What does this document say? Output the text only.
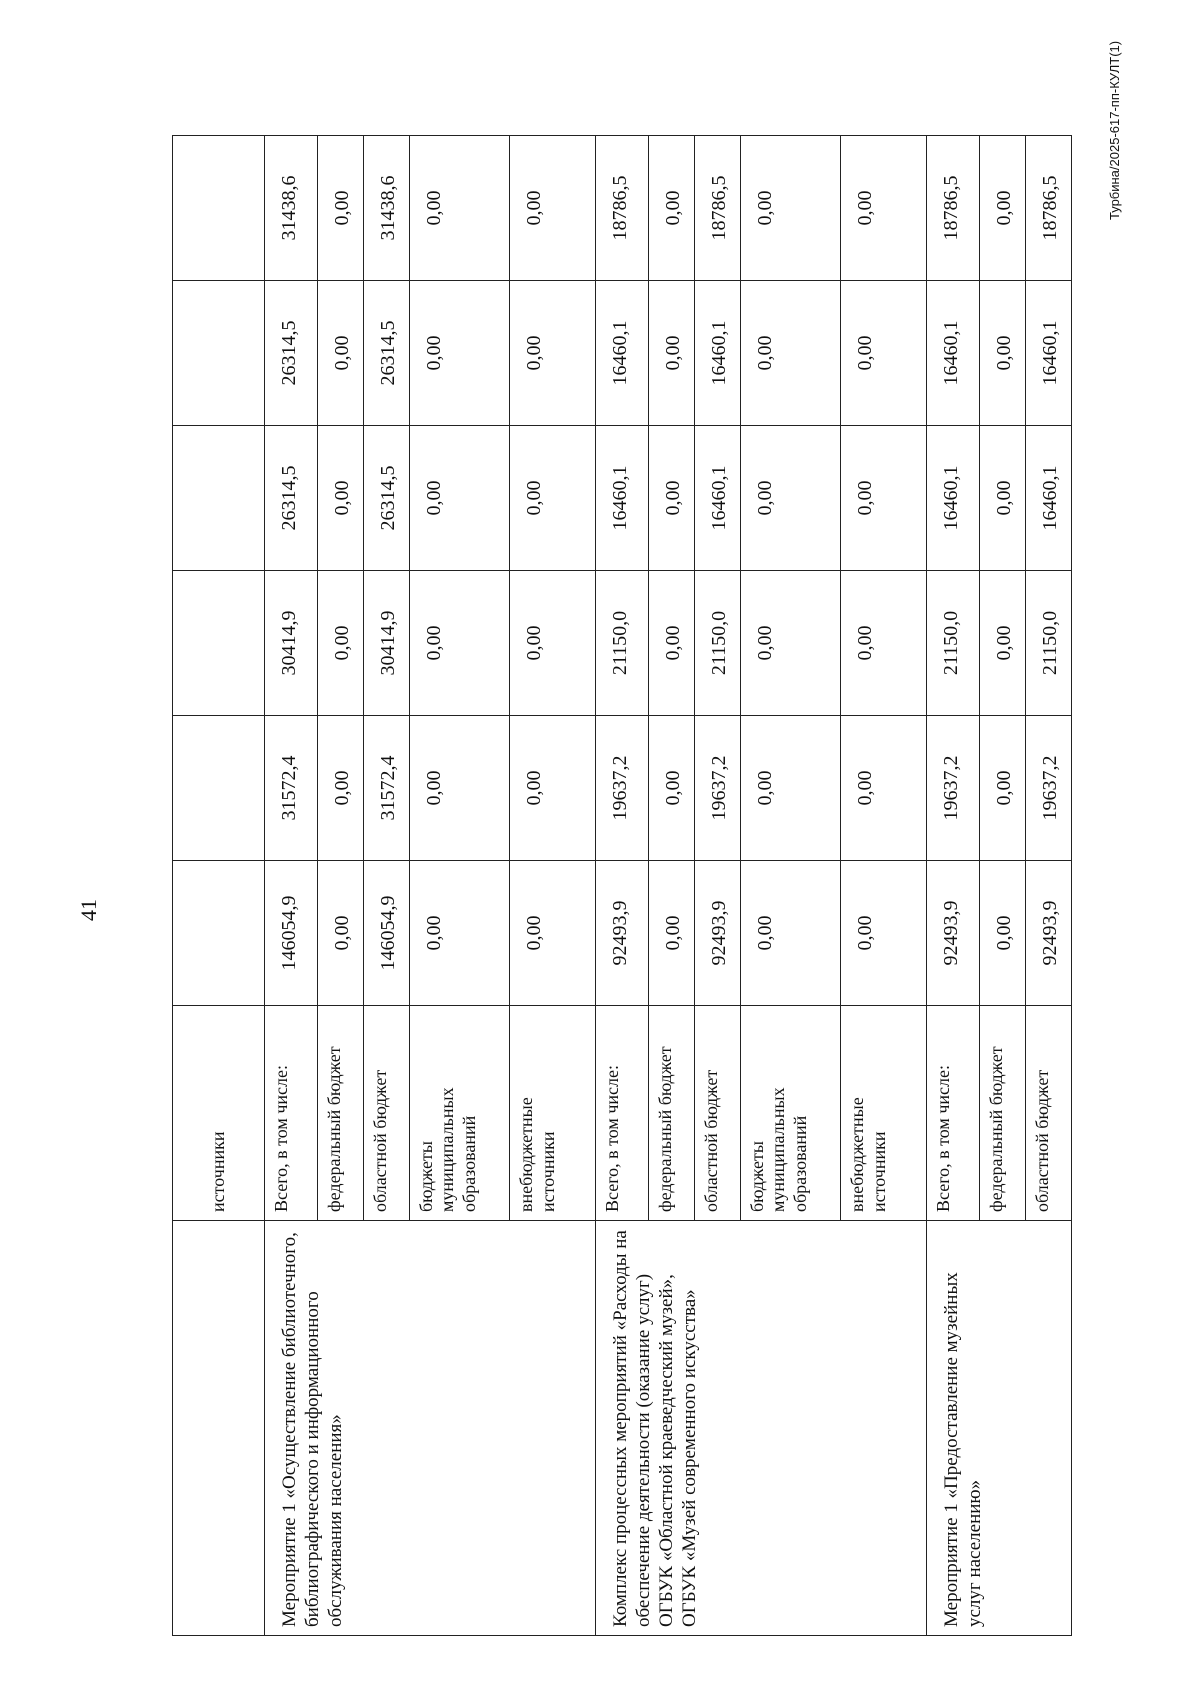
41
Турбина/2025-617-пп-КУЛТ(1)
	источники						
Мероприятие 1 «Осуществление библиотечного, библиографического и информационного обслуживания населения»	Всего, в том числе:	146054,9	31572,4	30414,9	26314,5	26314,5	31438,6
	федеральный бюджет	0,00	0,00	0,00	0,00	0,00	0,00
	областной бюджет	146054,9	31572,4	30414,9	26314,5	26314,5	31438,6
	бюджеты муниципальных образований	0,00	0,00	0,00	0,00	0,00	0,00
	внебюджетные источники	0,00	0,00	0,00	0,00	0,00	0,00
Комплекс процессных мероприятий «Расходы на обеспечение деятельности (оказание услуг) ОГБУК «Областной краеведческий музей», ОГБУК «Музей современного искусства»	Всего, в том числе:	92493,9	19637,2	21150,0	16460,1	16460,1	18786,5
	федеральный бюджет	0,00	0,00	0,00	0,00	0,00	0,00
	областной бюджет	92493,9	19637,2	21150,0	16460,1	16460,1	18786,5
	бюджеты муниципальных образований	0,00	0,00	0,00	0,00	0,00	0,00
	внебюджетные источники	0,00	0,00	0,00	0,00	0,00	0,00
Мероприятие 1 «Предоставление музейных услуг населению»	Всего, в том числе:	92493,9	19637,2	21150,0	16460,1	16460,1	18786,5
	федеральный бюджет	0,00	0,00	0,00	0,00	0,00	0,00
	областной бюджет	92493,9	19637,2	21150,0	16460,1	16460,1	18786,5
